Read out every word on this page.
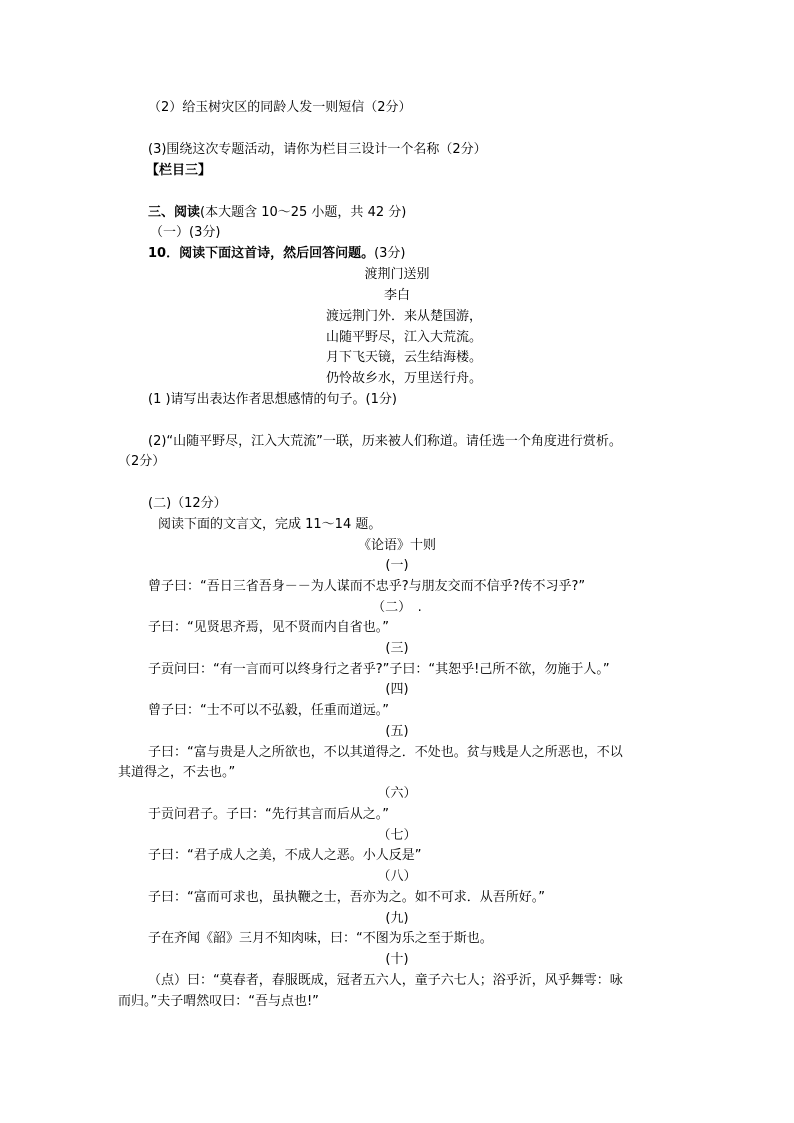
（2）给玉树灾区的同龄人发一则短信（2分）
(3)围绕这次专题活动，请你为栏目三设计一个名称（2分）
【栏目三】
三、阅读(本大题含 10～25 小题，共 42 分)
（一）(3分)
10．阅读下面这首诗，然后回答问题。(3分)
渡荆门送别
李白
渡远荆门外．来从楚国游，
山随平野尽，江入大荒流。
月下飞天镜，云生结海楼。
仍怜故乡水，万里送行舟。
(1 )请写出表达作者思想感情的句子。(1分)
(2)“山随平野尽，江入大荒流”一联，历来被人们称道。请任选一个角度进行赏析。
（2分）
(二)（12分）
阅读下面的文言文，完成 11～14 题。
《论语》十则
(一)
曾子曰：“吾日三省吾身－－为人谋而不忠乎?与朋友交而不信乎?传不习乎?”
（二）　.
子曰：“见贤思齐焉，见不贤而内自省也。”
(三)
子贡问曰：“有一言而可以终身行之者乎?”子曰：“其恕乎!己所不欲，勿施于人。”
(四)
曾子曰：“士不可以不弘毅，任重而道远。”
(五)
子曰：“富与贵是人之所欲也，不以其道得之．不处也。贫与贱是人之所恶也，不以
其道得之，不去也。”
（六）
于贡问君子。子曰：“先行其言而后从之。”
（七）
子曰：“君子成人之美，不成人之恶。小人反是”
（八）
子曰：“富而可求也，虽执鞭之士，吾亦为之。如不可求．从吾所好。”
(九)
子在齐闻《韶》三月不知肉味，曰：“不图为乐之至于斯也。
(十)
（点）曰：“莫春者，春服既成，冠者五六人，童子六七人；浴乎沂，风乎舞雩：咏
而归。”夫子喟然叹曰：“吾与点也!”
